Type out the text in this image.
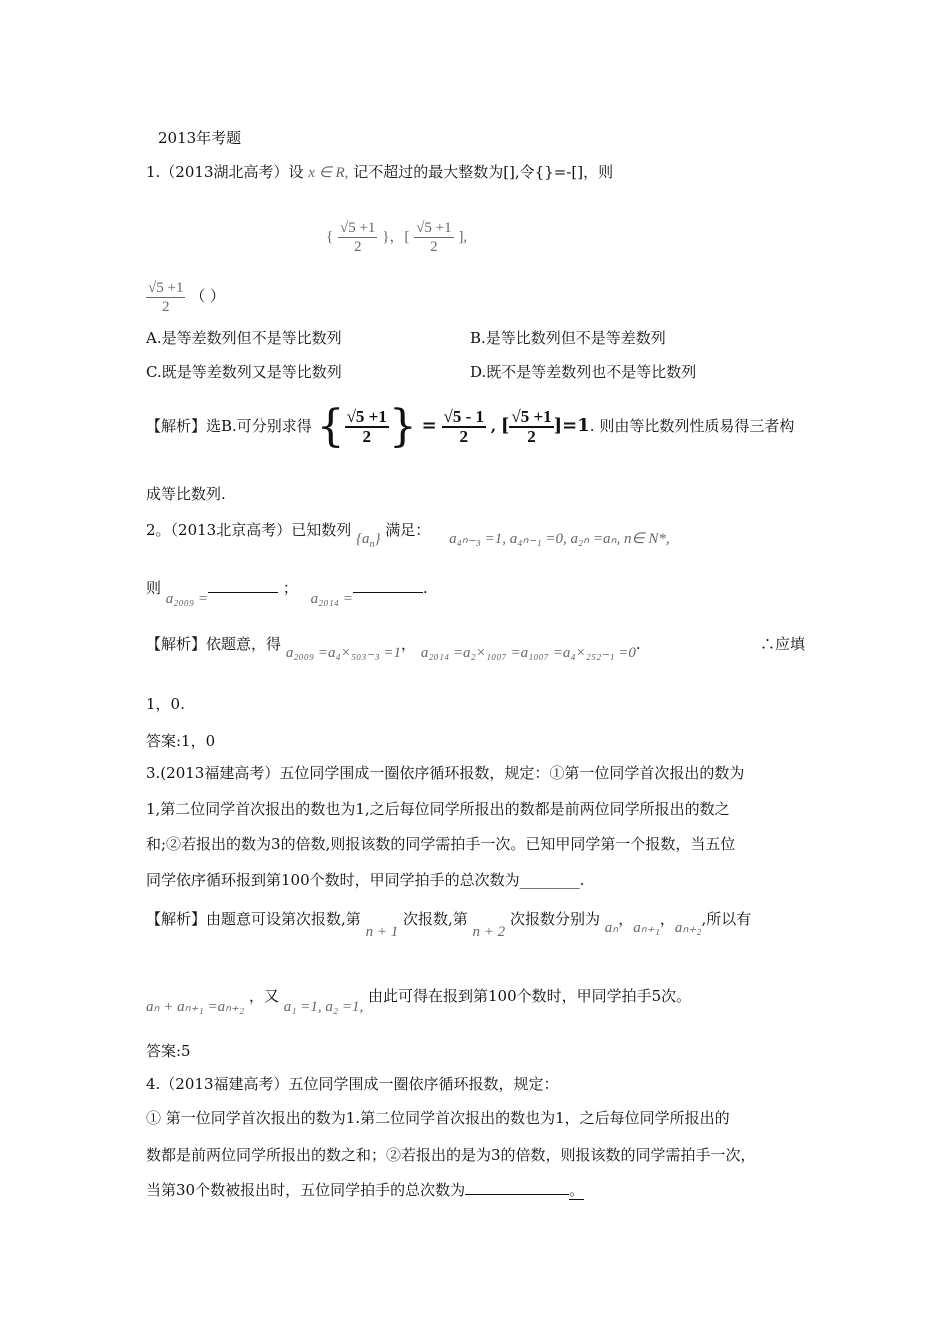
2013年考题
1.（2013湖北高考）设 x ∈ R, 记不超过的最大整数为[],令{}=-[]，则
{ $\frac{√5 +1}{2}$ }，[ $\frac{√5 +1}{2}$ ],
$\frac{√5 +1}{2}$ （ ）
A.是等差数列但不是等比数列	B.是等比数列但不是等差数列
C.既是等差数列又是等比数列	D.既不是等差数列也不是等比数列
【解析】选B.可分别求得 { $\frac{√5 +1}{2}$ } = $\frac{√5 - 1}{2}$ , [ $\frac{√5 +1}{2} ]=1$. 则由等比数列性质易得三者构
成等比数列.
2。（2013北京高考）已知数列 $\{a_n\}$ 满足： a₄ₙ₋₃ =1, a₄ₙ₋₁ =0, a₂ₙ =aₙ, n∈ N*,
则 a₂₀₀₉ = ； a₂₀₁₄ =.
【解析】依题意，得 a₂₀₀₉ =a₄×₅₀₃₋₃ =1， a₂₀₁₄ =a₂×₁₀₀₇ =a₁₀₀₇ =a₄×₂₅₂₋₁ =0.	∴应填
1，0.
答案:1，0
3.(2013福建高考）五位同学围成一圈依序循环报数，规定：①第一位同学首次报出的数为
1,第二位同学首次报出的数也为1,之后每位同学所报出的数都是前两位同学所报出的数之
和;②若报出的数为3的倍数,则报该数的同学需拍手一次。已知甲同学第一个报数，当五位
同学依序循环报到第100个数时，甲同学拍手的总次数为________.
【解析】由题意可设第次报数,第 n + 1 次报数,第 n + 2 次报数分别为 aₙ，aₙ₊₁，aₙ₊₂,所以有
aₙ + aₙ₊₁ =aₙ₊₂ ，又 a₁ =1, a₂ =1, 由此可得在报到第100个数时，甲同学拍手5次。
答案:5
4.（2013福建高考）五位同学围成一圈依序循环报数，规定：
① 第一位同学首次报出的数为1.第二位同学首次报出的数也为1，之后每位同学所报出的
数都是前两位同学所报出的数之和；②若报出的是为3的倍数，则报该数的同学需拍手一次，
当第30个数被报出时，五位同学拍手的总次数为	。
